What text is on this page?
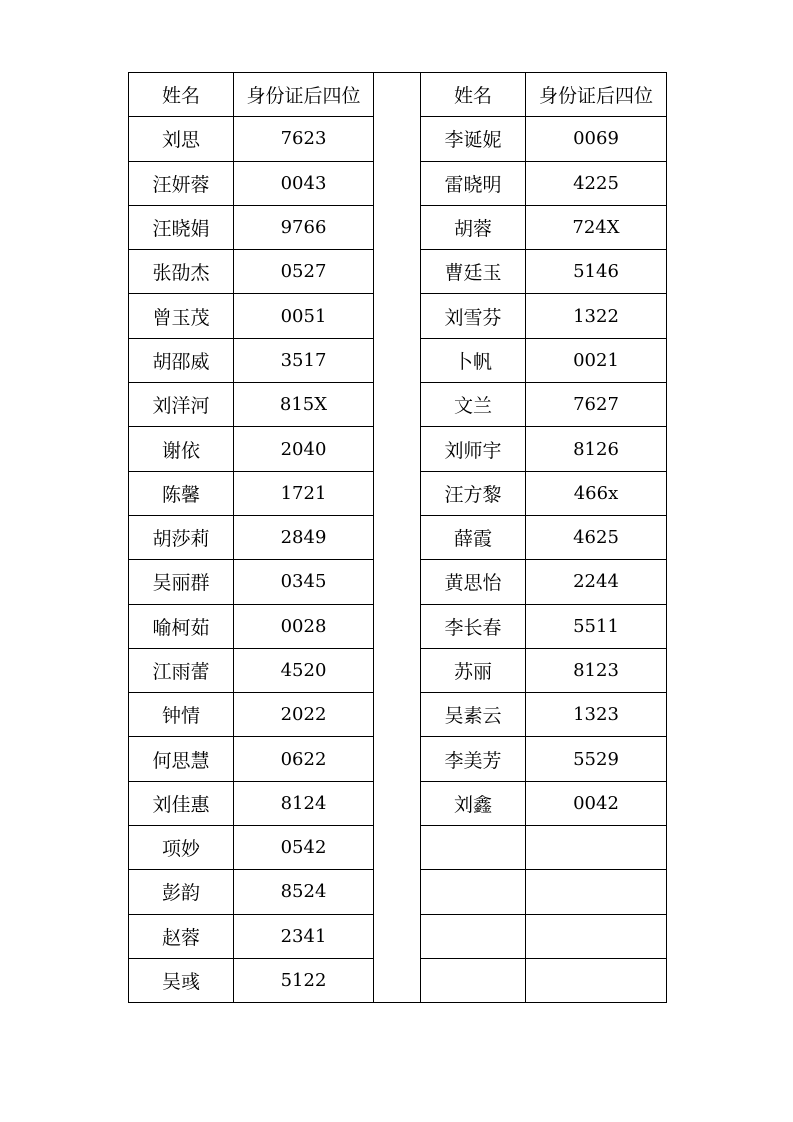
姓名	身份证后四位		姓名	身份证后四位
刘思	7623		李诞妮	0069
汪妍蓉	0043		雷晓明	4225
汪晓娟	9766		胡蓉	724X
张劭杰	0527		曹廷玉	5146
曾玉茂	0051		刘雪芬	1322
胡邵威	3517		卜帆	0021
刘洋河	815X		文兰	7627
谢依	2040		刘师宇	8126
陈馨	1721		汪方黎	466x
胡莎莉	2849		薛霞	4625
吴丽群	0345		黄思怡	2244
喻柯茹	0028		李长春	5511
江雨蕾	4520		苏丽	8123
钟情	2022		吴素云	1323
何思慧	0622		李美芳	5529
刘佳惠	8124		刘鑫	0042
项妙	0542			
彭韵	8524			
赵蓉	2341			
吴彧	5122			
